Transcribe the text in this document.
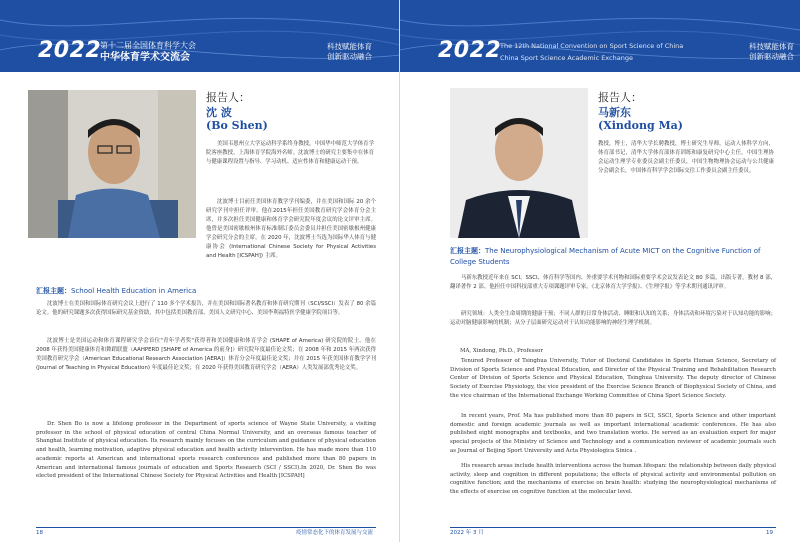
2022
第十二届全国体育科学大会
中华体育学术交流会
科技赋能体育
创新驱动融合
报告人：
沈 波
(Bo Shen)

美国韦恩州立大学运动科学系终身教授，中国华中师范大学体育学院客座教授，上海体育学院海外名师。沈波博士的研究主要集中在体育与健康课程设置与指导、学习动机、适应性体育和健康运动干预。

沈波博士目前任美国体育教学学刊编委，并在美国和国际 20 余个研究学刊中担任评审。他在2015年担任美国教育研究学会体育分会主席，并多次担任美国健康和体育学会研究院年度会议的论文评审主席。他曾是美国密歇根州体育标准制订委员会委员并担任美国密歇根州健康学会研究分会的主席，在 2020 年，沈波博士当选为国际华人体育与健康协会 (International Chinese Society for Physical Activities and Health [ICSPAH]) 主席。

汇报主题：School Health Education in America

沈波博士在美国和国际体育研究会议上进行了 110 多个学术报告，并在美国和国际著名教育和体育研究期刊（SCI/SSCI）发表了 80 余篇论文。他的研究课题多次获得国际研究基金资助，其中包括美国教育部、美国人文研究中心、美国李利福特医学健康学院项目等。

沈波博士是美国运动和体育课程研究学会首位"青年学者奖"获得者和美国健康和体育学会 (SHAPE of America) 研究院的院士。他在 2008 年获得美国健康体育和舞蹈联盟（AAHPERD [SHAPE of America 的前身]）研究院年度最佳论文奖；在 2008 年和 2015 年两次获得美国教育研究学会（American Educational Research Association [AERA]）体育分会年度最佳论文奖；并在 2015 年获美国体育教学学刊 (Journal of Teaching in Physical Education) 年度最佳论文奖；在 2020 年获得美国教育研究学会（AERA）人类发展部优秀论文奖。

Dr. Shen Bo is now a lifelong professor in the Department of sports science of Wayne State University, a visiting professor in the school of physical education of central China Normal University, and an overseas famous teacher of Shanghai Institute of physical education. Its research mainly focuses on the curriculum and guidance of physical education and health, learning motivation, adaptive physical education and health activity intervention. He has made more than 110 academic reports at American and international sports research conferences and published more than 80 papers in American and international famous journals of education and Sports Research (SCI / SSCI).In 2020, Dr. Shen Bo was elected president of the International Chinese Society for Physical Activities and Health [ICSPAH]

18	疫情常态化下的体育发展与交流
2022
The 12th National Convention on Sport Science of China
China Sport Science Academic Exchange
科技赋能体育
创新驱动融合
报告人：
马新东
(Xindong Ma)

教授，博士，清华大学长聘教授，博士研究生导师，运动人体科学方向，体育部书记，清华大学体育部体育训练和康复研究中心主任，中国生理协会运动生理学专业委员会副主任委员，中国生物物理协会运动与公共健康分会副会长，中国体育科学学会国际交往工作委员会副主任委员。

汇报主题：The Neurophysiological Mechanism of Acute MICT on the Cognitive Function of College Students

马新东教授近年来在 SCI、SSCI、体育科学等国内、外重要学术刊物和国际重要学术会议发表论文 80 多篇，出版专著，教材 8 部，翻译著作 2 部。他担任中国科技部重大专项课题评审专家，《北京体育大学学报》、《生理学报》等学术期刊通讯评审。

研究领域：人类全生命周期的健康干预；不同人群的日常身体活动、睡眠和认知的关系；身体活动和环境污染对于认知功能的影响；运动对脑健康影响的机制；从分子层面研究运动对于认知功能影响的神经生理学机制。

MA, Xindong, Ph.D., Professor

Tenured Professor of Tsinghua University, Tutor of Doctoral Candidates in Sports Human Science, Secretary of Division of Sports Science and Physical Education, and Director of the Physical Training and Rehabilitation Research Center of Division of Sports Science and Physical Education, Tsinghua University. The deputy director of Chinese Society of Exercise Physiology, the vice president of the Exercise Science Branch of Biophysical Society of China, and the vice chairman of the International Exchange Working Committee of China Sport Science Society.

In recent years, Prof. Ma has published more than 80 papers in SCI, SSCI, Sports Science and other important domestic and foreign academic journals as well as important international academic conferences. He has also published eight monographs and textbooks, and two translation works. He served as an evaluation expert for major special projects of the Ministry of Science and Technology and a communication reviewer of academic journals such as Journal of Beijing Sport University and Acta Physiologica Sinica .

His research areas include health interventions across the human lifespan: the relationship between daily physical activity, sleep and cognition in different populations; the effects of physical activity and environmental pollution on cognitive function; and the mechanisms of exercise on brain health: studying the neurophysiological mechanisms of the effects of exercise on cognitive function at the molecular level.

2022 年 3 月	19
